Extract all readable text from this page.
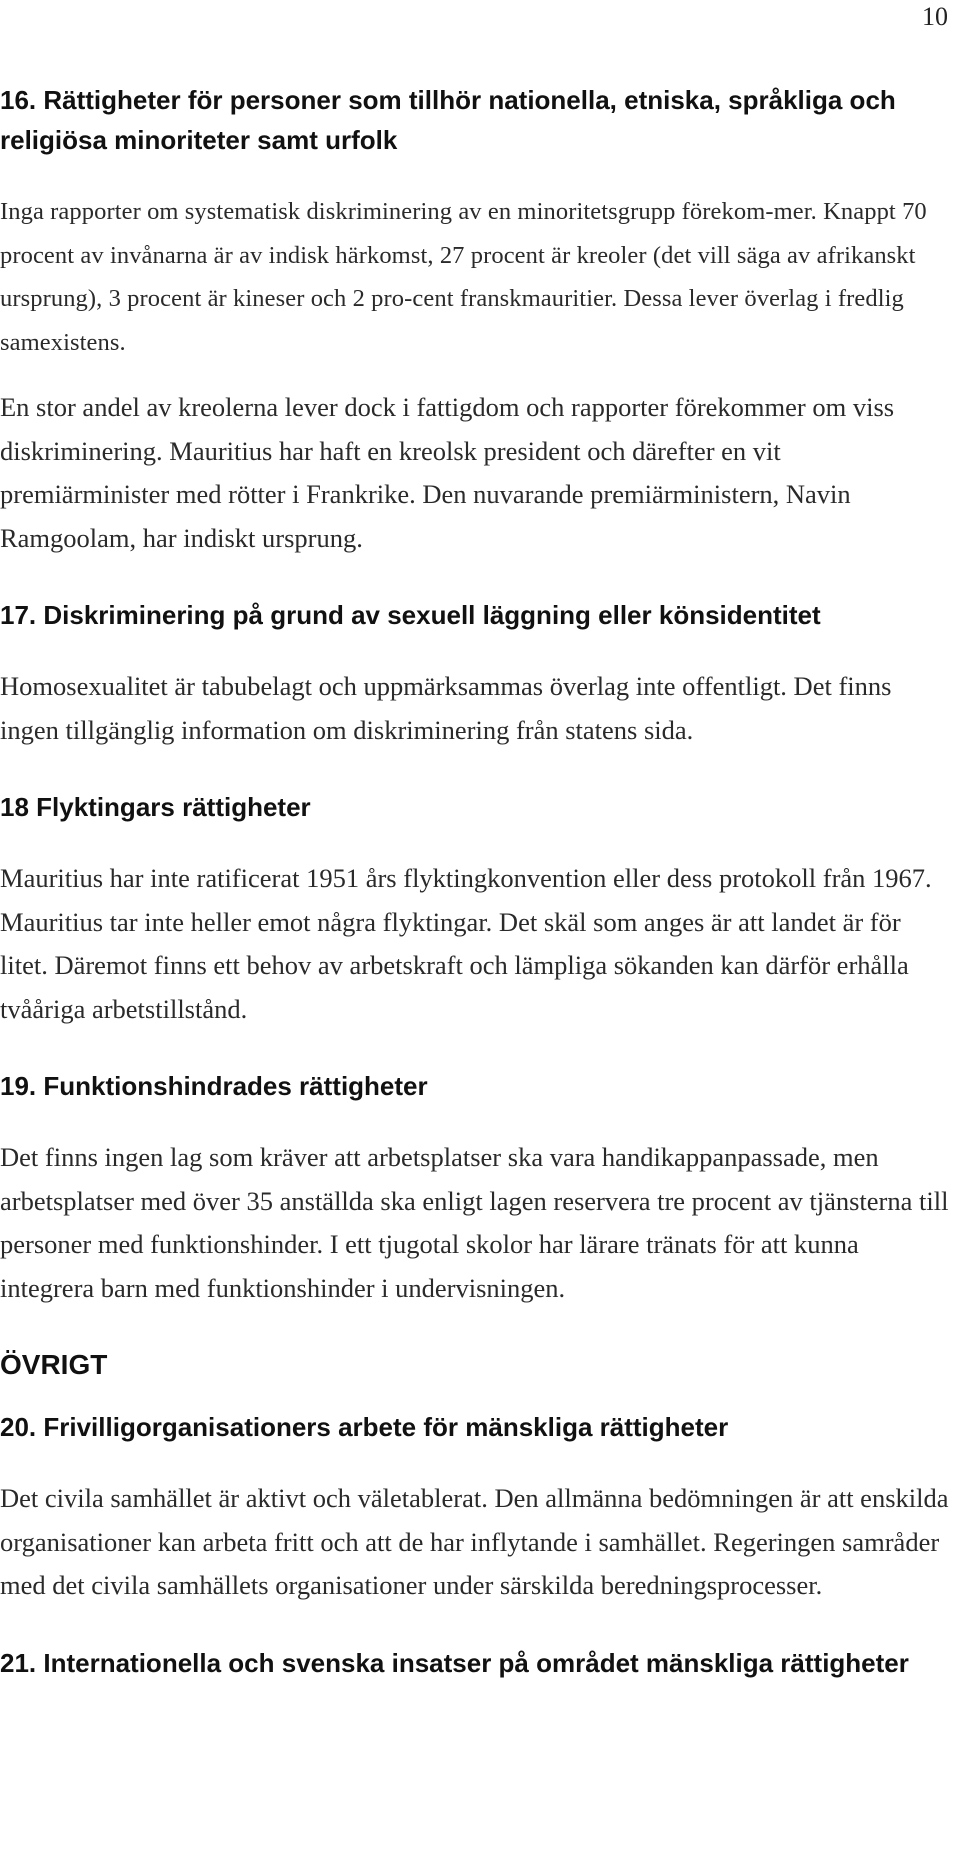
10
16. Rättigheter för personer som tillhör nationella, etniska, språkliga och religiösa minoriteter samt urfolk

Inga rapporter om systematisk diskriminering av en minoritetsgrupp förekom-mer. Knappt 70 procent av invånarna är av indisk härkomst, 27 procent är kreoler (det vill säga av afrikanskt ursprung), 3 procent är kineser och 2 pro-cent franskmauritier. Dessa lever överlag i fredlig samexistens.

En stor andel av kreolerna lever dock i fattigdom och rapporter förekommer om viss diskriminering. Mauritius har haft en kreolsk president och därefter en vit premiärminister med rötter i Frankrike. Den nuvarande premiärministern, Navin Ramgoolam, har indiskt ursprung.

17. Diskriminering på grund av sexuell läggning eller könsidentitet

Homosexualitet är tabubelagt och uppmärksammas överlag inte offentligt. Det finns ingen tillgänglig information om diskriminering från statens sida.

18 Flyktingars rättigheter

Mauritius har inte ratificerat 1951 års flyktingkonvention eller dess protokoll från 1967. Mauritius tar inte heller emot några flyktingar. Det skäl som anges är att landet är för litet. Däremot finns ett behov av arbetskraft och lämpliga sökanden kan därför erhålla tvååriga arbetstillstånd.

19. Funktionshindrades rättigheter

Det finns ingen lag som kräver att arbetsplatser ska vara handikappanpassade, men arbetsplatser med över 35 anställda ska enligt lagen reservera tre procent av tjänsterna till personer med funktionshinder. I ett tjugotal skolor har lärare tränats för att kunna integrera barn med funktionshinder i undervisningen.

ÖVRIGT
20. Frivilligorganisationers arbete för mänskliga rättigheter

Det civila samhället är aktivt och väletablerat. Den allmänna bedömningen är att enskilda organisationer kan arbeta fritt och att de har inflytande i samhället. Regeringen samråder med det civila samhällets organisationer under särskilda beredningsprocesser.

21. Internationella och svenska insatser på området mänskliga rättigheter
